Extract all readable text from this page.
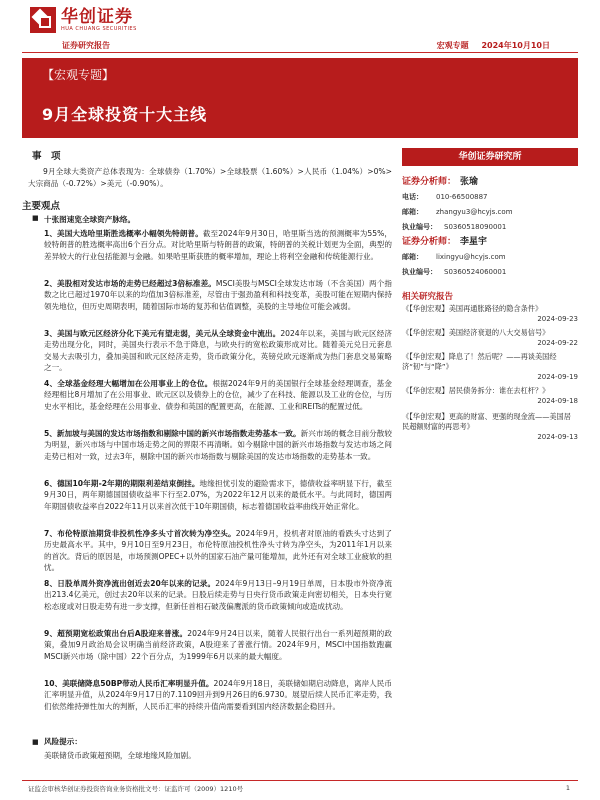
华创证券
HUA CHUANG SECURITIES
证券研究报告	宏观专题 2024年10月10日
【宏观专题】
9月全球投资十大主线
事　项

9月全球大类资产总体表现为：全球债券（1.70%）>全球股票（1.60%）>人民币（1.04%）>0%>大宗商品（-0.72%）>美元（-0.90%）。

主要观点
■ 十张图速览全球资产脉络。
1、美国大选哈里斯胜选概率小幅领先特朗普。截至2024年9月30日，哈里斯当选的预测概率为55%，较特朗普的胜选概率高出6个百分点。对比哈里斯与特朗普的政策，特朗普的关税计划更为全面，典型的差异较大的行业包括能源与金融。如果哈里斯获胜的概率增加，理论上将利空金融和传统能源行业。
2、美股相对发达市场的走势已经超过3倍标准差。MSCI美股与MSCI全球发达市场（不含美国）两个指数之比已超过1970年以来的均值加3倍标准差，尽管由于强劲盈利和科技变革，美股可能在短期内保持领先地位，但历史周期表明，随着国际市场的复苏和估值调整，美股的主导地位可能会减弱。
3、美国与欧元区经济分化下美元有望走弱，美元从全球资金中流出。2024年以来，美国与欧元区经济走势出现分化，同时，美国央行表示不急于降息，与欧央行的宽松政策形成对比。随着美元兑日元套息交易大去吸引力，叠加美国和欧元区经济走势，货币政策分化，英镑兑欧元逐渐成为热门套息交易策略之一。
4、全球基金经理大幅增加在公用事业上的仓位。根据2024年9月的美国银行全球基金经理调查，基金经理相比8月增加了在公用事业、欧元区以及债券上的仓位，减少了在科技、能源以及工业的仓位，与历史水平相比，基金经理在公用事业、债券和英国的配置更高，在能源、工业和REITs的配置过低。
5、新加坡与美国的发达市场指数和剔除中国的新兴市场指数走势基本一致。新兴市场的概念目前分散较为明显，新兴市场与中国市场走势之间的界限不再清晰。如今剔除中国的新兴市场指数与发达市场之间走势已相对一致，过去3年，剔除中国的新兴市场指数与剔除美国的发达市场指数的走势基本一致。
6、德国10年期-2年期的期限利差结束倒挂。地缘担忧引发的避险需求下，德债收益率明显下行，截至9月30日，两年期德国国债收益率下行至2.07%，为2022年12月以来的最低水平。与此同时，德国两年期国债收益率自2022年11月以来首次低于10年期国债，标志着德国收益率曲线开始正常化。
7、布伦特原油期货非投机性净多头寸首次转为净空头。2024年9月，投机者对原油的看跌头寸达到了历史最高水平。其中，9月10日至9月23日，布伦特原油投机性净头寸转为净空头，为2011年1月以来的首次。背后的原因是，市场预测OPEC+以外的国家石油产量可能增加，此外还有对全球工业疲软的担忧。
8、日股单周外资净流出创近去20年以来的记录。2024年9月13日–9月19日单周，日本股市外资净流出213.4亿美元，创过去20年以来的记录。日股后续走势与日央行货币政策走向密切相关，日本央行宽松态度或对日股走势有进一步支撑，但新任首相石破茂偏鹰派的货币政策倾向或造成扰动。
9、超预期宽松政策出台后A股迎来普涨。2024年9月24日以来，随着人民银行出台一系列超预期的政策，叠加9月政治局会议明确当前经济政策，A股迎来了普涨行情。2024年9月，MSCI中国指数跑赢MSCI新兴市场（除中国）22个百分点，为1999年6月以来的最大幅度。
10、美联储降息50BP带动人民币汇率明显升值。2024年9月18日，美联储如期启动降息，离岸人民币汇率明显升值，从2024年9月17日的7.1109回升到9月26日的6.9730。展望后续人民币汇率走势，我们依然维持弹性加大的判断，人民币汇率的持续升值尚需要看到国内经济数据企稳回升。
■ 风险提示：
美联储货币政策超预期，全球地缘风险加剧。
华创证券研究所
证券分析师： 张瑜
电话： 010-66500887
邮箱： zhangyu3@hcyjs.com
执业编号： S0360518090001
证券分析师： 李星宇
邮箱： lixingyu@hcyjs.com
执业编号： S0360524060001
相关研究报告
《【华创宏观】美国再通胀路径的隐含条件》
2024-09-23
《【华创宏观】美国经济衰退的八大交易信号》
2024-09-22
《【华创宏观】降息了！然后呢？——再谈美国经济“韧”与“降”》
2024-09-19
《【华创宏观】居民债务拆分：谁在去杠杆？》
2024-09-18
《【华创宏观】更高的财富、更强的现金流——美国居民超额财富的再思考》
2024-09-13
证监会审核华创证券投资咨询业务资格批文号：证监许可（2009）1210号	1
